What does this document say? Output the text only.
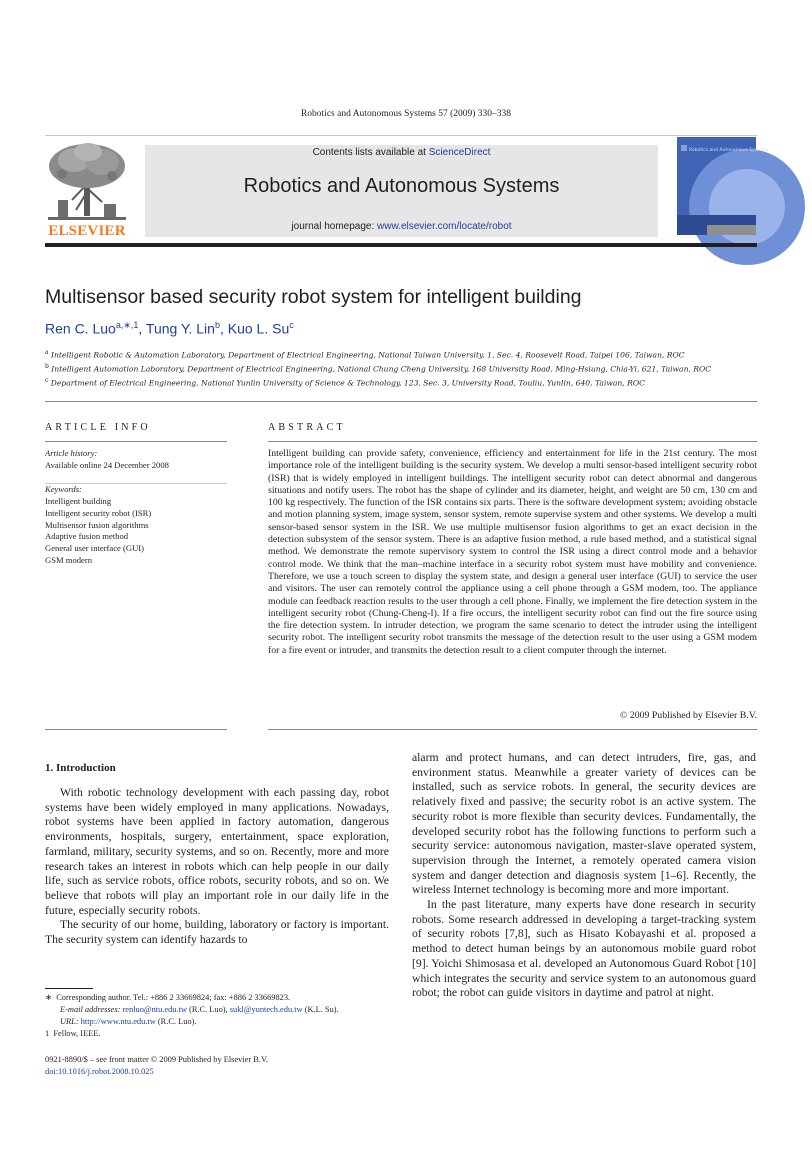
Robotics and Autonomous Systems 57 (2009) 330–338
ELSEVIER
Contents lists available at ScienceDirect
Robotics and Autonomous Systems
journal homepage: www.elsevier.com/locate/robot
Robotics and Autonomous Systems
Multisensor based security robot system for intelligent building
Ren C. Luo$^{a,∗,1}$, Tung Y. Lin$^b$, Kuo L. Su$^c$
$^a$ Intelligent Robotic & Automation Laboratory, Department of Electrical Engineering, National Taiwan University, 1, Sec. 4, Roosevelt Road, Taipei 106, Taiwan, ROC
$^b$ Intelligent Automation Laboratory, Department of Electrical Engineering, National Chung Cheng University, 168 University Road, Ming-Hsiung, Chia-Yi, 621, Taiwan, ROC
$^c$ Department of Electrical Engineering, National Yunlin University of Science & Technology, 123, Sec. 3, University Road, Touliu, Yunlin, 640, Taiwan, ROC
ARTICLE INFO	ABSTRACT
Article history:
Available online 24 December 2008
Keywords:
Intelligent building
Intelligent security robot (ISR)
Multisensor fusion algorithms
Adaptive fusion method
General user interface (GUI)
GSM modern
Intelligent building can provide safety, convenience, efficiency and entertainment for life in the 21st century. The most importance role of the intelligent building is the security system. We develop a multi sensor-based intelligent security robot (ISR) that is widely employed in intelligent buildings. The intelligent security robot can detect abnormal and dangerous situations and notify users. The robot has the shape of cylinder and its diameter, height, and weight are 50 cm, 130 cm and 100 kg respectively. The function of the ISR contains six parts. There is the software development system; avoiding obstacle and motion planning system, image system, sensor system, remote supervise system and other systems. We develop a multi sensor-based sensor system in the ISR. We use multiple multisensor fusion algorithms to get an exact decision in the detection subsystem of the sensor system. There is an adaptive fusion method, a rule based method, and a statistical signal method. We demonstrate the remote supervisory system to control the ISR using a direct control mode and a behavior control mode. We think that the man–machine interface in a security robot system must have mobility and convenience. Therefore, we use a touch screen to display the system state, and design a general user interface (GUI) to service the user and visitors. The user can remotely control the appliance using a cell phone through a GSM modem, too. The appliance module can feedback reaction results to the user through a cell phone. Finally, we implement the fire detection system in the intelligent security robot (Chung-Cheng-I). If a fire occurs, the intelligent security robot can find out the fire source using the fire detection system. In intruder detection, we program the same scenario to detect the intruder using the intelligent security robot. The intelligent security robot transmits the message of the detection result to the user using a GSM modem for a fire event or intruder, and transmits the detection result to a client computer through the internet.
© 2009 Published by Elsevier B.V.
1. Introduction

With robotic technology development with each passing day, robot systems have been widely employed in many applications. Nowadays, robot systems have been applied in factory automation, dangerous environments, hospitals, surgery, entertainment, space exploration, farmland, military, security systems, and so on. Recently, more and more research takes an interest in robots which can help people in our daily life, such as service robots, office robots, security robots, and so on. We believe that robots will play an important role in our daily life in the future, especially security robots.

The security of our home, building, laboratory or factory is important. The security system can identify hazards to

alarm and protect humans, and can detect intruders, fire, gas, and environment status. Meanwhile a greater variety of devices can be installed, such as service robots. In general, the security devices are relatively fixed and passive; the security robot is an active system. The security robot is more flexible than security devices. Fundamentally, the developed security robot has the following functions to perform such a security service: autonomous navigation, master-slave operated system, supervision through the Internet, a remotely operated camera vision system and danger detection and diagnosis system [1–6]. Recently, the wireless Internet technology is becoming more and more important.

In the past literature, many experts have done research in security robots. Some research addressed in developing a target-tracking system of security robots [7,8], such as Hisato Kobayashi et al. proposed a method to detect human beings by an autonomous mobile guard robot [9]. Yoichi Shimosasa et al. developed an Autonomous Guard Robot [10] which integrates the security and service system to an autonomous guard robot; the robot can guide visitors in daytime and patrol at night.

∗ Corresponding author. Tel.: +886 2 33669824; fax: +886 2 33669823.
E-mail addresses: renluo@ntu.edu.tw (R.C. Luo), sukl@yuntech.edu.tw (K.L. Su).
URL: http://www.ntu.edu.tw (R.C. Luo).
1 Fellow, IEEE.
0921-8890/$ – see front matter © 2009 Published by Elsevier B.V.
doi:10.1016/j.robot.2008.10.025
